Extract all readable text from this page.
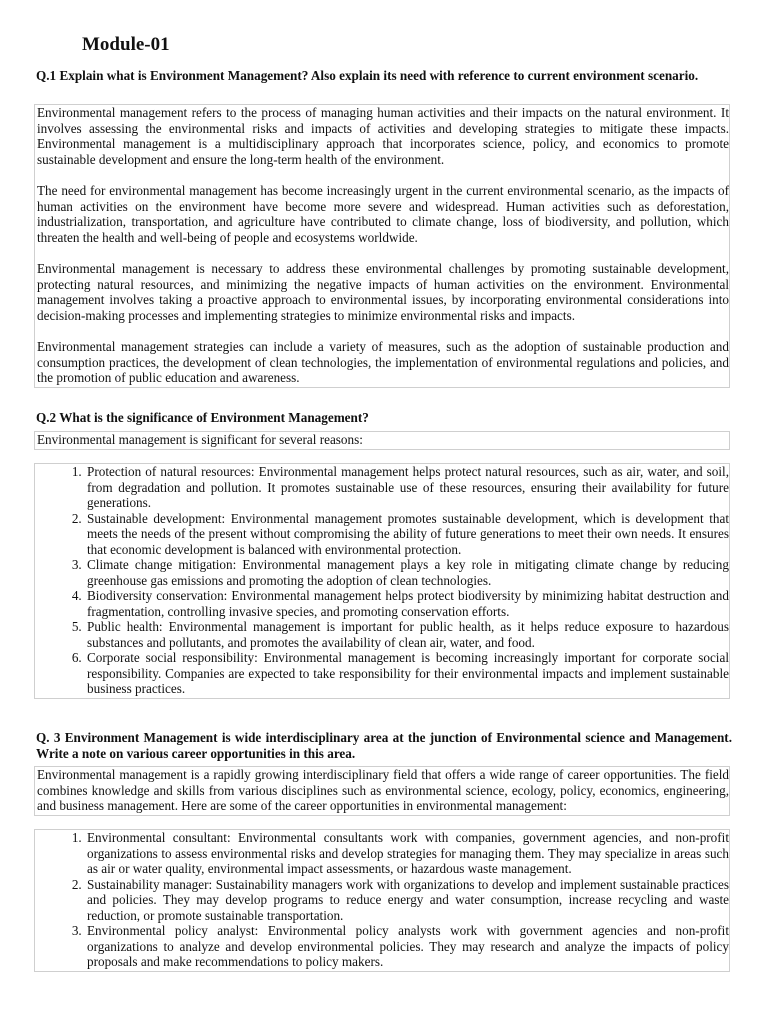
Module-01

Q.1 Explain what is Environment Management? Also explain its need with reference to current environment scenario.

Environmental management refers to the process of managing human activities and their impacts on the natural environment. It involves assessing the environmental risks and impacts of activities and developing strategies to mitigate these impacts. Environmental management is a multidisciplinary approach that incorporates science, policy, and economics to promote sustainable development and ensure the long-term health of the environment.

The need for environmental management has become increasingly urgent in the current environmental scenario, as the impacts of human activities on the environment have become more severe and widespread. Human activities such as deforestation, industrialization, transportation, and agriculture have contributed to climate change, loss of biodiversity, and pollution, which threaten the health and well-being of people and ecosystems worldwide.

Environmental management is necessary to address these environmental challenges by promoting sustainable development, protecting natural resources, and minimizing the negative impacts of human activities on the environment. Environmental management involves taking a proactive approach to environmental issues, by incorporating environmental considerations into decision-making processes and implementing strategies to minimize environmental risks and impacts.

Environmental management strategies can include a variety of measures, such as the adoption of sustainable production and consumption practices, the development of clean technologies, the implementation of environmental regulations and policies, and the promotion of public education and awareness.

Q.2 What is the significance of Environment Management?

Environmental management is significant for several reasons:

1. Protection of natural resources: Environmental management helps protect natural resources, such as air, water, and soil, from degradation and pollution. It promotes sustainable use of these resources, ensuring their availability for future generations.
2. Sustainable development: Environmental management promotes sustainable development, which is development that meets the needs of the present without compromising the ability of future generations to meet their own needs. It ensures that economic development is balanced with environmental protection.
3. Climate change mitigation: Environmental management plays a key role in mitigating climate change by reducing greenhouse gas emissions and promoting the adoption of clean technologies.
4. Biodiversity conservation: Environmental management helps protect biodiversity by minimizing habitat destruction and fragmentation, controlling invasive species, and promoting conservation efforts.
5. Public health: Environmental management is important for public health, as it helps reduce exposure to hazardous substances and pollutants, and promotes the availability of clean air, water, and food.
6. Corporate social responsibility: Environmental management is becoming increasingly important for corporate social responsibility. Companies are expected to take responsibility for their environmental impacts and implement sustainable business practices.

Q. 3 Environment Management is wide interdisciplinary area at the junction of Environmental science and Management. Write a note on various career opportunities in this area.

Environmental management is a rapidly growing interdisciplinary field that offers a wide range of career opportunities. The field combines knowledge and skills from various disciplines such as environmental science, ecology, policy, economics, engineering, and business management. Here are some of the career opportunities in environmental management:

1. Environmental consultant: Environmental consultants work with companies, government agencies, and non-profit organizations to assess environmental risks and develop strategies for managing them. They may specialize in areas such as air or water quality, environmental impact assessments, or hazardous waste management.
2. Sustainability manager: Sustainability managers work with organizations to develop and implement sustainable practices and policies. They may develop programs to reduce energy and water consumption, increase recycling and waste reduction, or promote sustainable transportation.
3. Environmental policy analyst: Environmental policy analysts work with government agencies and non-profit organizations to analyze and develop environmental policies. They may research and analyze the impacts of policy proposals and make recommendations to policy makers.
